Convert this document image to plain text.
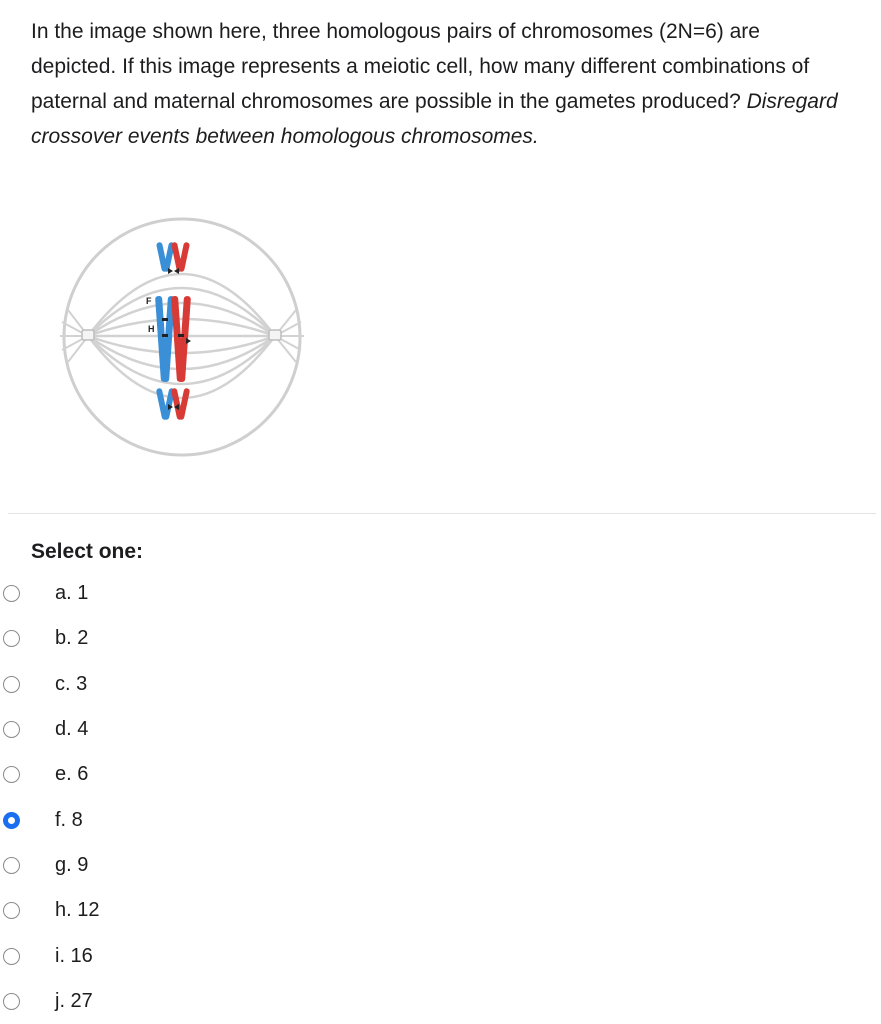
In the image shown here, three homologous pairs of chromosomes (2N=6) are depicted. If this image represents a meiotic cell, how many different combinations of paternal and maternal chromosomes are possible in the gametes produced? Disregard crossover events between homologous chromosomes.

F
H

Select one:

a. 1
b. 2
c. 3
d. 4
e. 6
f. 8
g. 9
h. 12
i. 16
j. 27
